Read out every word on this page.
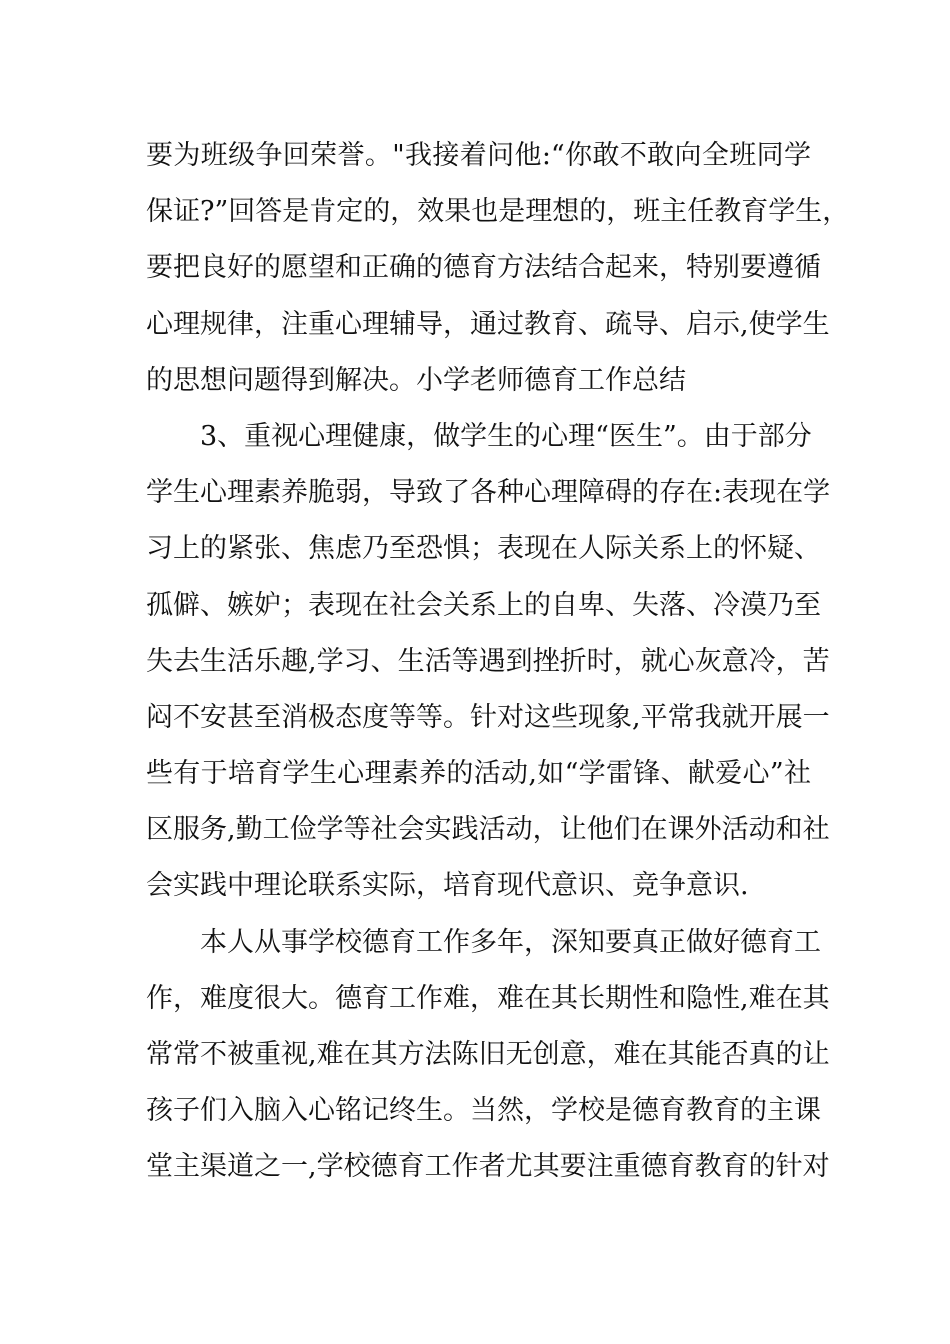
要为班级争回荣誉。"我接着问他:“你敢不敢向全班同学
保证?”回答是肯定的，效果也是理想的，班主任教育学生，
要把良好的愿望和正确的德育方法结合起来，特别要遵循
心理规律，注重心理辅导，通过教育、疏导、启示,使学生
的思想问题得到解决。小学老师德育工作总结
3、重视心理健康，做学生的心理“医生”。由于部分
学生心理素养脆弱，导致了各种心理障碍的存在:表现在学
习上的紧张、焦虑乃至恐惧；表现在人际关系上的怀疑、
孤僻、嫉妒；表现在社会关系上的自卑、失落、冷漠乃至
失去生活乐趣,学习、生活等遇到挫折时，就心灰意冷，苦
闷不安甚至消极态度等等。针对这些现象,平常我就开展一
些有于培育学生心理素养的活动,如“学雷锋、献爱心”社
区服务,勤工俭学等社会实践活动，让他们在课外活动和社
会实践中理论联系实际，培育现代意识、竞争意识.
本人从事学校德育工作多年，深知要真正做好德育工
作，难度很大。德育工作难，难在其长期性和隐性,难在其
常常不被重视,难在其方法陈旧无创意，难在其能否真的让
孩子们入脑入心铭记终生。当然，学校是德育教育的主课
堂主渠道之一,学校德育工作者尤其要注重德育教育的针对
